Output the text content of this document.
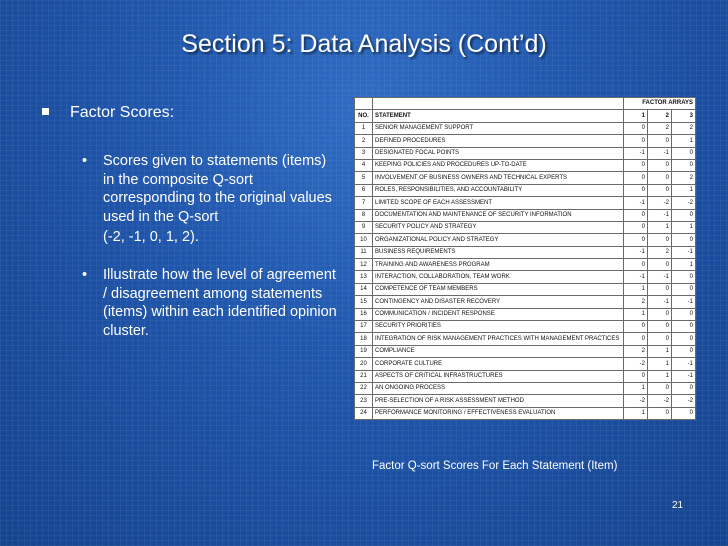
Section 5: Data Analysis (Cont’d)
Factor Scores:
• Scores given to statements (items) in the composite Q-sort corresponding to the original values used in the Q-sort
(-2, -1, 0, 1, 2).
• Illustrate how the level of agreement / disagreement among statements (items) within each identified opinion cluster.
		FACTOR ARRAYS		
NO.	STATEMENT	1	2	3
1	SENIOR MANAGEMENT SUPPORT	0	2	2
2	DEFINED PROCEDURES	0	0	1
3	DESIGNATED FOCAL POINTS	-1	-1	0
4	KEEPING POLICIES AND PROCEDURES UP-TO-DATE	0	0	0
5	INVOLVEMENT OF BUSINESS OWNERS AND TECHNICAL EXPERTS	0	0	2
6	ROLES, RESPONSIBILITIES, AND ACCOUNTABILITY	0	0	1
7	LIMITED SCOPE OF EACH ASSESSMENT	-1	-2	-2
8	DOCUMENTATION AND MAINTENANCE OF SECURITY INFORMATION	0	-1	0
9	SECURITY POLICY AND STRATEGY	0	1	1
10	ORGANIZATIONAL POLICY AND STRATEGY	0	0	0
11	BUSINESS REQUIREMENTS	-1	2	-1
12	TRAINING AND AWARENESS PROGRAM	0	0	1
13	INTERACTION, COLLABORATION, TEAM WORK	-1	-1	0
14	COMPETENCE OF TEAM MEMBERS	1	0	0
15	CONTINGENCY AND DISASTER RECOVERY	2	-1	-1
16	COMMUNICATION / INCIDENT RESPONSE	1	0	0
17	SECURITY PRIORITIES	0	0	0
18	INTEGRATION OF RISK MANAGEMENT PRACTICES WITH MANAGEMENT PRACTICES	0	0	0
19	COMPLIANCE	2	1	0
20	CORPORATE CULTURE	-2	1	-1
21	ASPECTS OF CRITICAL INFRASTRUCTURES	0	1	-1
22	AN ONGOING PROCESS	1	0	0
23	PRE-SELECTION OF A RISK ASSESSMENT METHOD	-2	-2	-2
24	PERFORMANCE MONITORING / EFFECTIVENESS EVALUATION	1	0	0
Factor Q-sort Scores For Each Statement (Item)
21
